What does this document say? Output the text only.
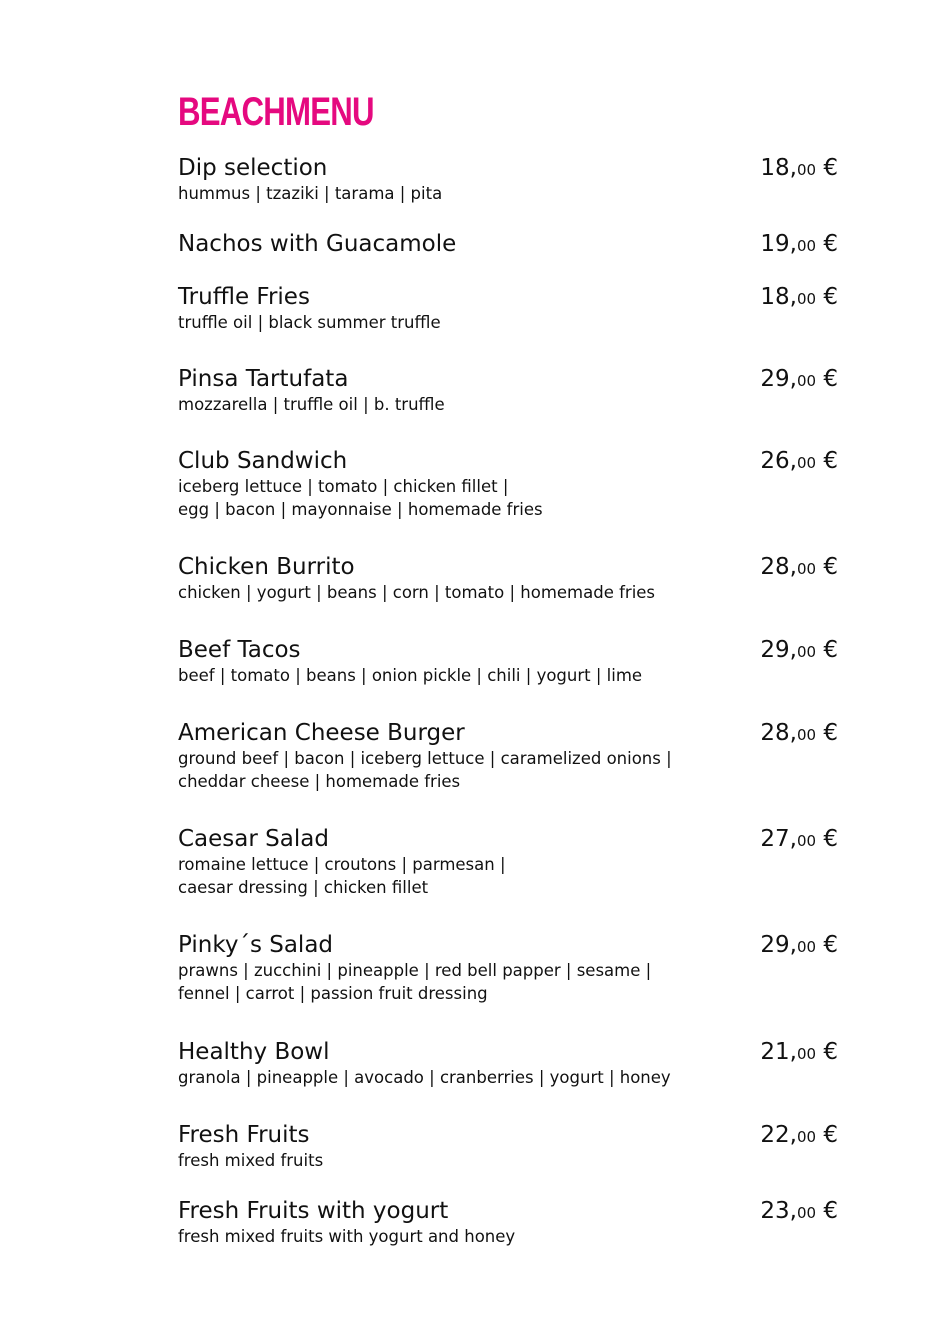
BEACHMENU
Dip selection
hummus | tzaziki | tarama | pita
18,00 €
Nachos with Guacamole	19,00 €
Truffle Fries
truffle oil | black summer truffle
18,00 €
Pinsa Tartufata
mozzarella | truffle oil | b. truffle
29,00 €
Club Sandwich
iceberg lettuce | tomato | chicken fillet |
egg | bacon | mayonnaise | homemade fries
26,00 €
Chicken Burrito
chicken | yogurt | beans | corn | tomato | homemade fries
28,00 €
Beef Tacos
beef | tomato | beans | onion pickle | chili | yogurt | lime
29,00 €
American Cheese Burger
ground beef | bacon | iceberg lettuce | caramelized onions |
cheddar cheese | homemade fries
28,00 €
Caesar Salad
romaine lettuce | croutons | parmesan |
caesar dressing | chicken fillet
27,00 €
Pinky´s Salad
prawns | zucchini | pineapple | red bell papper | sesame |
fennel | carrot | passion fruit dressing
29,00 €
Healthy Bowl
granola | pineapple | avocado | cranberries | yogurt | honey
21,00 €
Fresh Fruits
fresh mixed fruits
22,00 €
Fresh Fruits with yogurt
fresh mixed fruits with yogurt and honey
23,00 €
